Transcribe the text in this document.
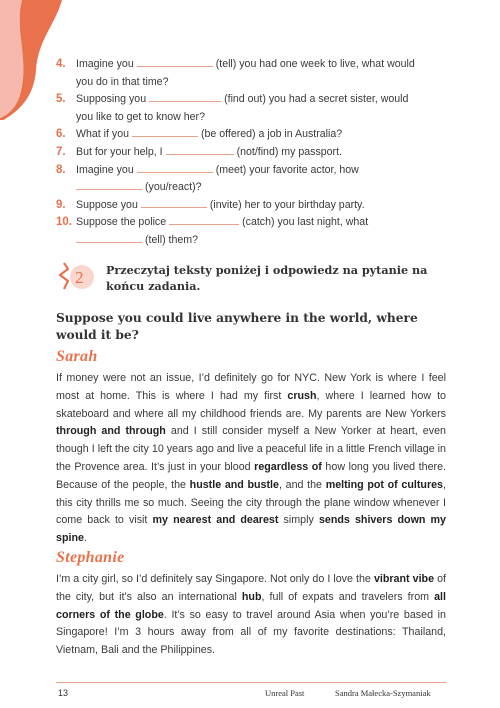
4. Imagine you	(tell) you had one week to live, what would
you do in that time?
5. Supposing you	(find out) you had a secret sister, would
you like to get to know her?
6. What if you	(be offered) a job in Australia?
7. But for your help, I	(not/find) my passport.
8. Imagine you	(meet) your favorite actor, how
(you/react)?
9. Suppose you	(invite) her to your birthday party.
10. Suppose the police	(catch) you last night, what
(tell) them?
2 Przeczytaj teksty poniżej i odpowiedz na pytanie na końcu zadania.
Suppose you could live anywhere in the world, where would it be?
Sarah
If money were not an issue, I’d definitely go for NYC. New York is where I feel most at home. This is where I had my first crush, where I learned how to skateboard and where all my childhood friends are. My parents are New Yorkers through and through and I still consider myself a New Yorker at heart, even though I left the city 10 years ago and live a peaceful life in a little French village in the Provence area. It’s just in your blood regardless of how long you lived there. Because of the people, the hustle and bustle, and the melting pot of cultures, this city thrills me so much. Seeing the city through the plane window whenever I come back to visit my nearest and dearest simply sends shivers down my spine.
Stephanie
I’m a city girl, so I’d definitely say Singapore. Not only do I love the vibrant vibe of the city, but it’s also an international hub, full of expats and travelers from all corners of the globe. It’s so easy to travel around Asia when you’re based in Singapore! I’m 3 hours away from all of my favorite destinations: Thailand, Vietnam, Bali and the Philippines.
13	Unreal Past	Sandra Małecka-Szymaniak
